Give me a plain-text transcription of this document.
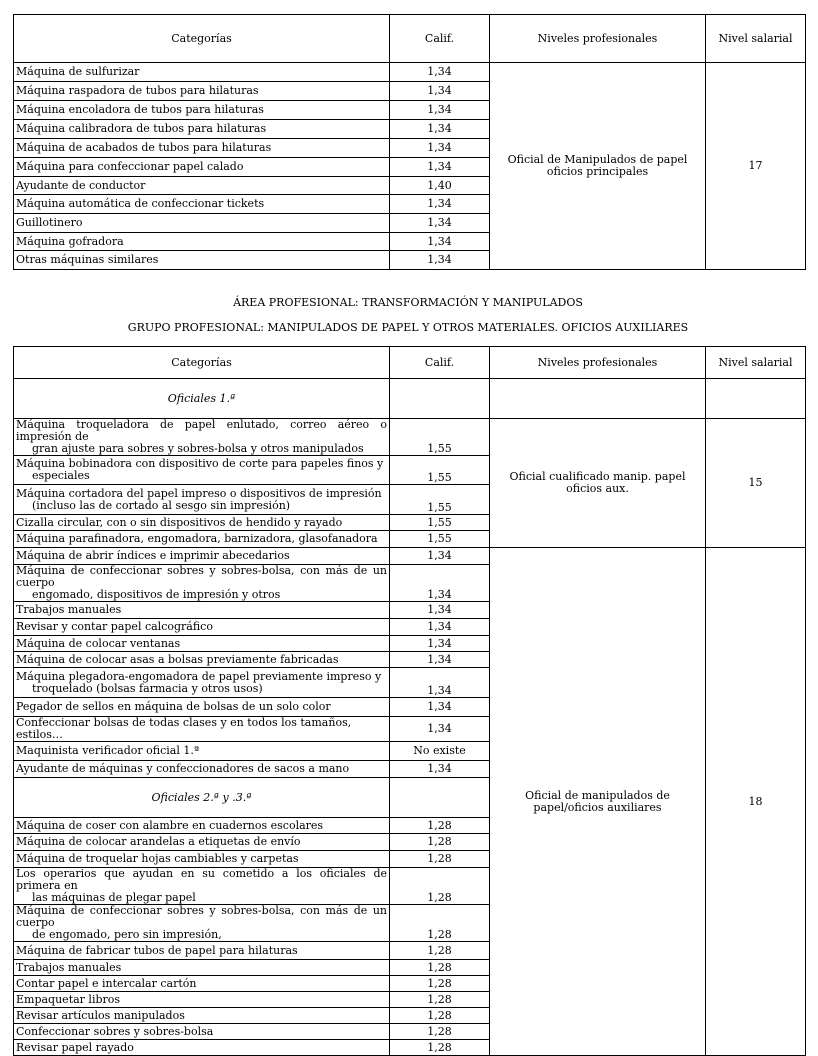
Categorías	Calif.	Niveles profesionales	Nivel salarial
Máquina de sulfurizar	1,34	Oficial de Manipulados de papel oficios principales	17
Máquina raspadora de tubos para hilaturas	1,34		
Máquina encoladora de tubos para hilaturas	1,34		
Máquina calibradora de tubos para hilaturas	1,34		
Máquina de acabados de tubos para hilaturas	1,34		
Máquina para confeccionar papel calado	1,34		
Ayudante de conductor	1,40		
Máquina automática de confeccionar tickets	1,34		
Guillotinero	1,34		
Máquina gofradora	1,34		
Otras máquinas similares	1,34		
ÁREA PROFESIONAL: TRANSFORMACIÓN Y MANIPULADOS
GRUPO PROFESIONAL: MANIPULADOS DE PAPEL Y OTROS MATERIALES. OFICIOS AUXILIARES
Categorías	Calif.	Niveles profesionales	Nivel salarial
Oficiales 1.ª			

Máquina troqueladora de papel enlutado, correo aéreo o impresión de
gran ajuste para sobres y sobres-bolsa y otros manipulados	1,55	Oficial cualificado manip. papel oficios aux.	15

Máquina bobinadora con dispositivo de corte para papeles finos y
especiales	1,55		

Máquina cortadora del papel impreso o dispositivos de impresión
(incluso las de cortado al sesgo sin impresión)	1,55		
Cizalla circular, con o sin dispositivos de hendido y rayado	1,55		
Máquina parafinadora, engomadora, barnizadora, glasofanadora	1,55		
Máquina de abrir índices e imprimir abecedarios	1,34	Oficial de manipulados de papel/oficios auxiliares	18

Máquina de confeccionar sobres y sobres-bolsa, con más de un cuerpo
engomado, dispositivos de impresión y otros	1,34		
Trabajos manuales	1,34		
Revisar y contar papel calcográfico	1,34		
Máquina de colocar ventanas	1,34		
Máquina de colocar asas a bolsas previamente fabricadas	1,34		

Máquina plegadora-engomadora de papel previamente impreso y
troquelado (bolsas farmacia y otros usos)	1,34		
Pegador de sellos en máquina de bolsas de un solo color	1,34		
Confeccionar bolsas de todas clases y en todos los tamaños, estilos…	1,34		
Maquinista verificador oficial 1.ª	No existe		
Ayudante de máquinas y confeccionadores de sacos a mano	1,34		
Oficiales 2.ª y .3.ª			
Máquina de coser con alambre en cuadernos escolares	1,28		
Máquina de colocar arandelas a etiquetas de envío	1,28		
Máquina de troquelar hojas cambiables y carpetas	1,28		

Los operarios que ayudan en su cometido a los oficiales de primera en
las máquinas de plegar papel	1,28		

Máquina de confeccionar sobres y sobres-bolsa, con más de un cuerpo
de engomado, pero sin impresión,	1,28		
Máquina de fabricar tubos de papel para hilaturas	1,28		
Trabajos manuales	1,28		
Contar papel e intercalar cartón	1,28		
Empaquetar libros	1,28		
Revisar artículos manipulados	1,28		
Confeccionar sobres y sobres-bolsa	1,28		
Revisar papel rayado	1,28		
